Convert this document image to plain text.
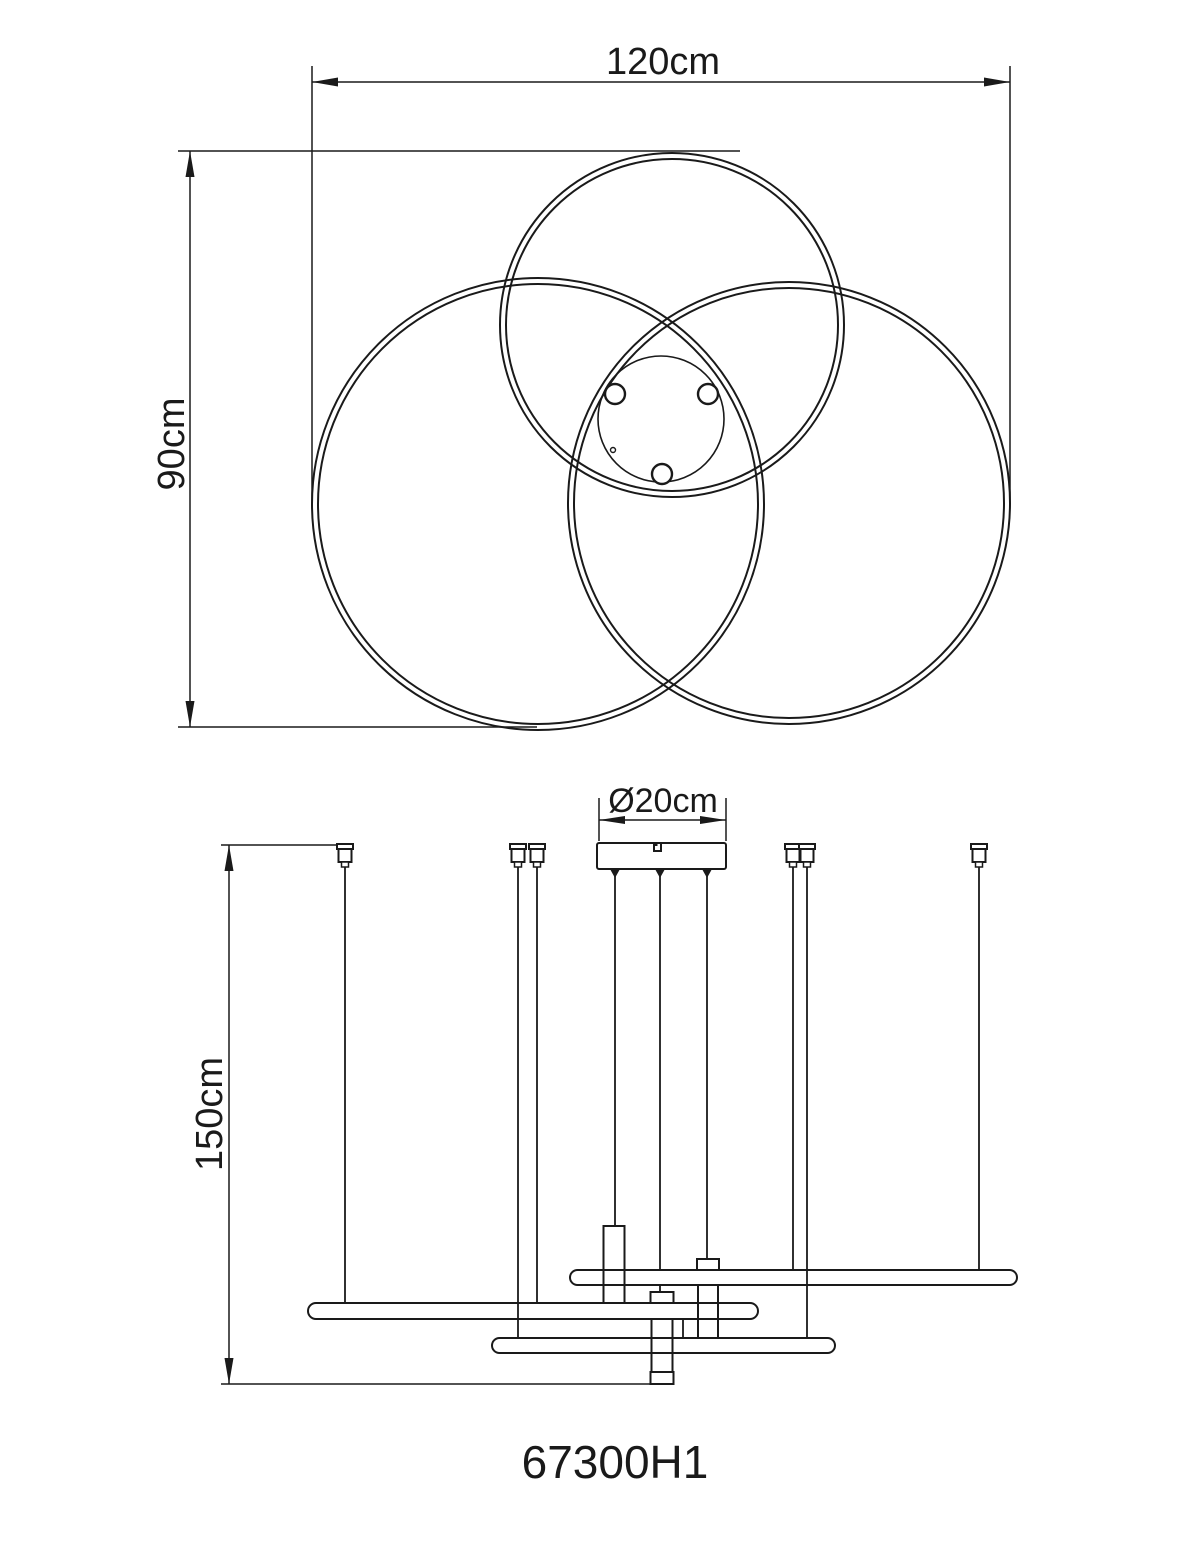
120cm
90cm
Ø20cm
150cm
67300H1
